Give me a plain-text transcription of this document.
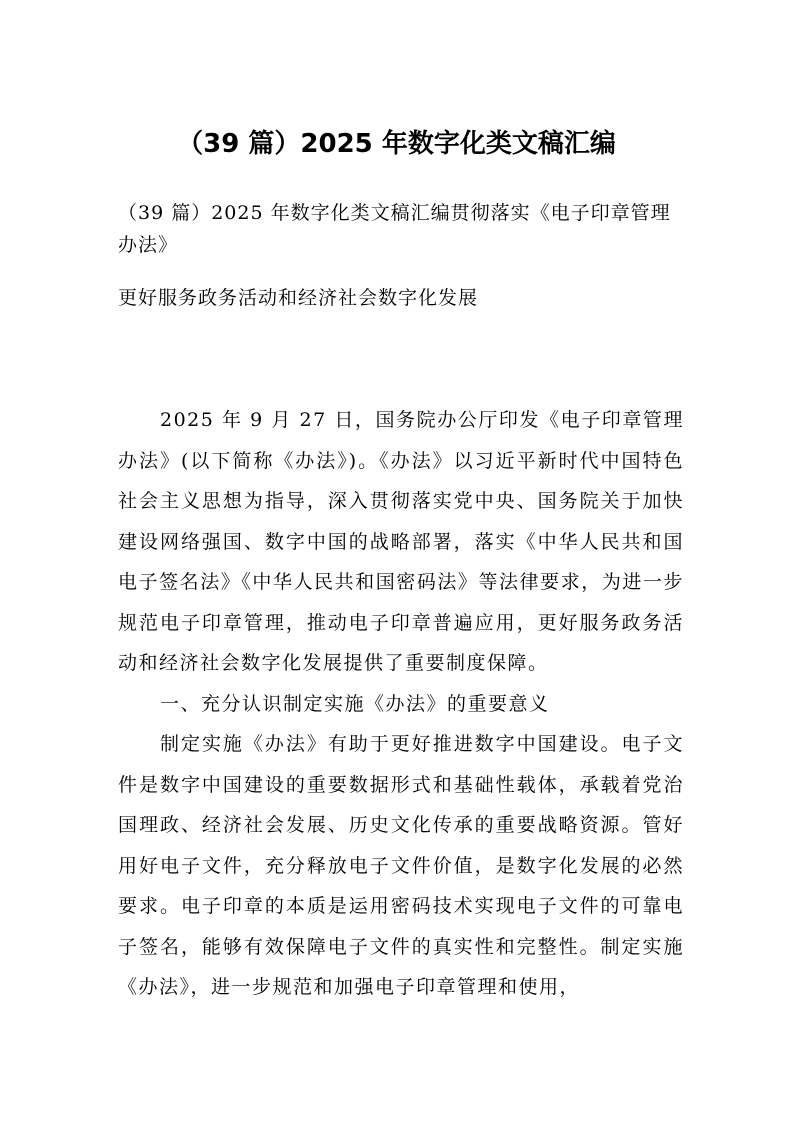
（39 篇）2025 年数字化类文稿汇编

（39 篇）2025 年数字化类文稿汇编贯彻落实《电子印章管理办法》

更好服务政务活动和经济社会数字化发展

2025 年 9 月 27 日，国务院办公厅印发《电子印章管理办法》(以下简称《办法》)。《办法》以习近平新时代中国特色社会主义思想为指导，深入贯彻落实党中央、国务院关于加快建设网络强国、数字中国的战略部署，落实《中华人民共和国电子签名法》《中华人民共和国密码法》等法律要求，为进一步规范电子印章管理，推动电子印章普遍应用，更好服务政务活动和经济社会数字化发展提供了重要制度保障。

一、充分认识制定实施《办法》的重要意义

制定实施《办法》有助于更好推进数字中国建设。电子文件是数字中国建设的重要数据形式和基础性载体，承载着党治国理政、经济社会发展、历史文化传承的重要战略资源。管好用好电子文件，充分释放电子文件价值，是数字化发展的必然要求。电子印章的本质是运用密码技术实现电子文件的可靠电子签名，能够有效保障电子文件的真实性和完整性。制定实施《办法》，进一步规范和加强电子印章管理和使用，
